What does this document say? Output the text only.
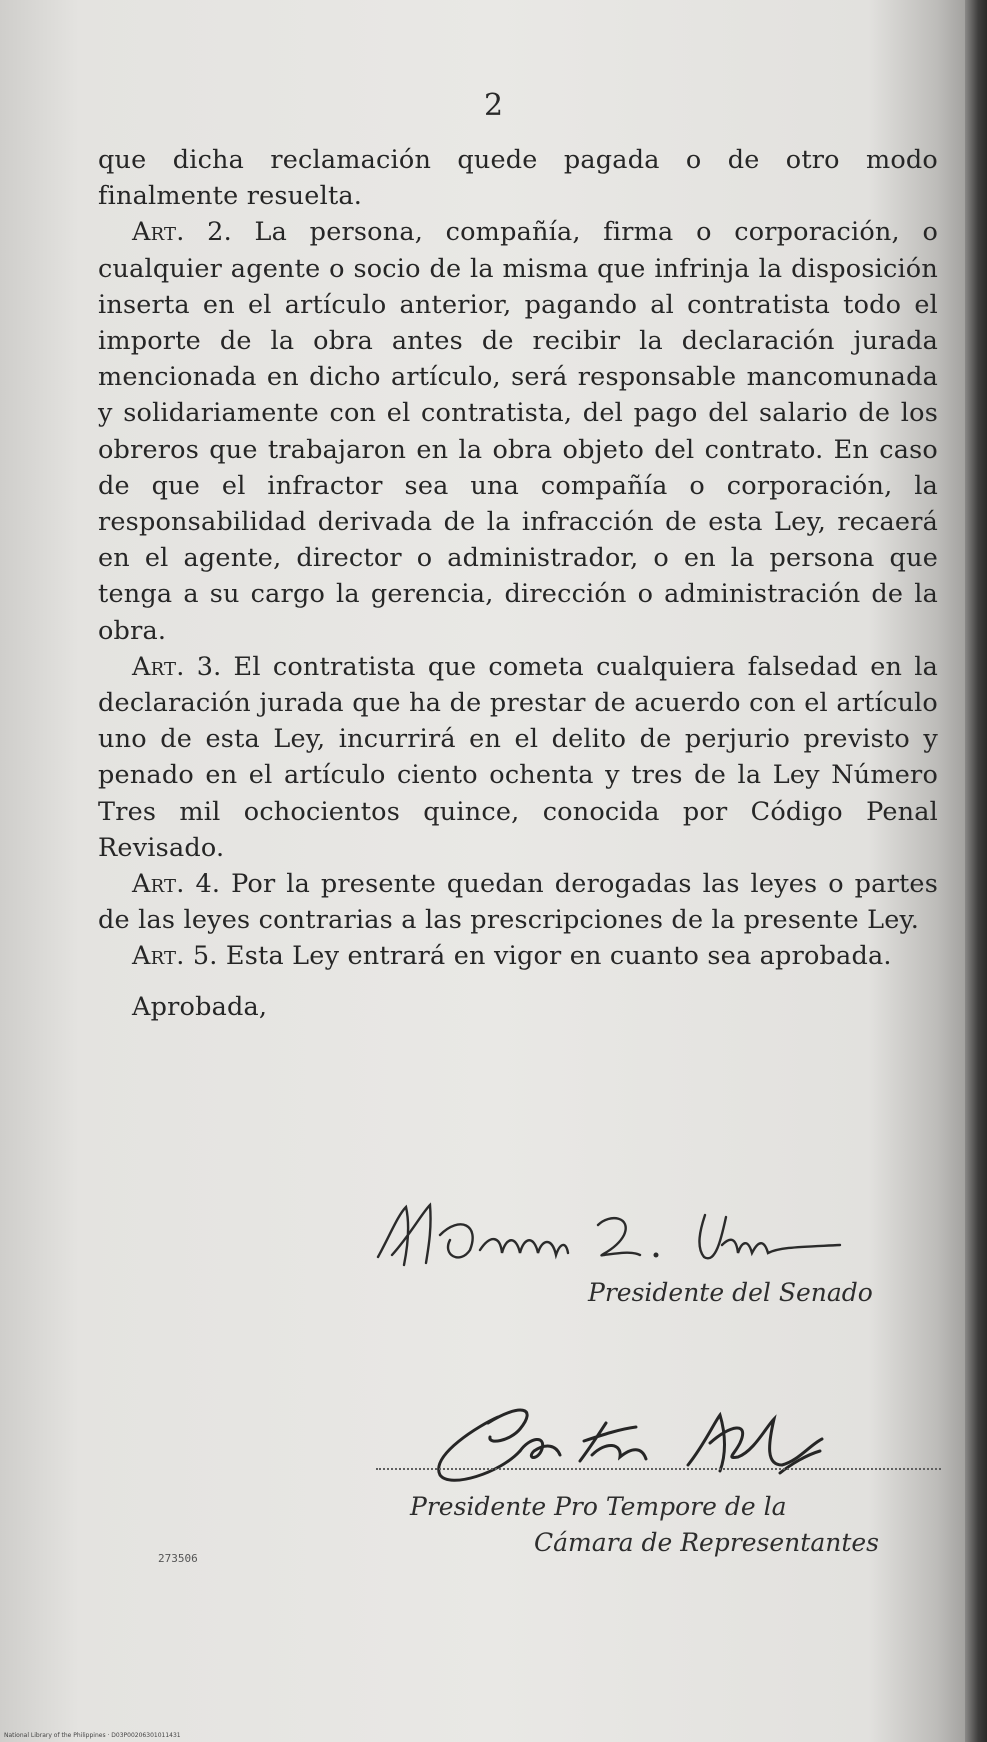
2

que dicha reclamación quede pagada o de otro modo finalmente resuelta.

Art. 2. La persona, compañía, firma o corporación, o cualquier agente o socio de la misma que infrinja la disposición inserta en el artículo anterior, pagando al contratista todo el importe de la obra antes de recibir la declaración jurada mencionada en dicho artículo, será responsable mancomunada y solidariamente con el contratista, del pago del salario de los obreros que trabajaron en la obra objeto del contrato. En caso de que el infractor sea una compañía o corporación, la responsabilidad derivada de la infracción de esta Ley, recaerá en el agente, director o administrador, o en la persona que tenga a su cargo la gerencia, dirección o administración de la obra.

Art. 3. El contratista que cometa cualquiera falsedad en la declaración jurada que ha de prestar de acuerdo con el artículo uno de esta Ley, incurrirá en el delito de perjurio previsto y penado en el artículo ciento ochenta y tres de la Ley Número Tres mil ochocientos quince, conocida por Código Penal Revisado.

Art. 4. Por la presente quedan derogadas las leyes o partes de las leyes contrarias a las prescripciones de la presente Ley.

Art. 5. Esta Ley entrará en vigor en cuanto sea aprobada.

Aprobada,

Presidente del Senado
Presidente Pro Tempore de la
Cámara de Representantes
273506
National Library of the Philippines · D03P00206301011431
